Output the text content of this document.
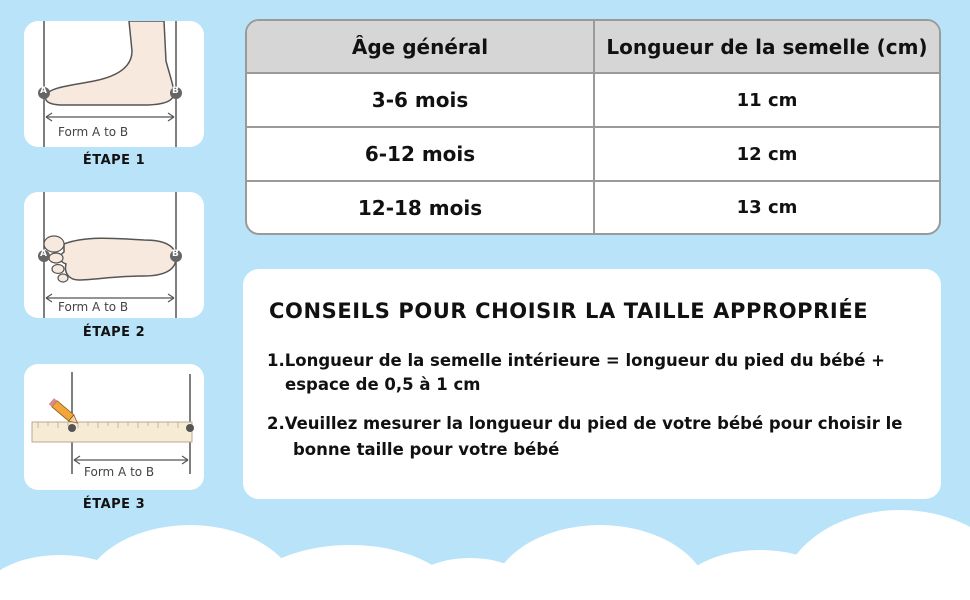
A	B
Form A to B
ÉTAPE 1
A	B
Form A to B
ÉTAPE 2
Form A to B
ÉTAPE 3
Âge général	Longueur de la semelle (cm)
3-6 mois	11 cm
6-12 mois	12 cm
12-18 mois	13 cm
CONSEILS POUR CHOISIR LA TAILLE APPROPRIÉE
1.Longueur de la semelle intérieure = longueur du pied du bébé +
espace de 0,5 à 1 cm
2.Veuillez mesurer la longueur du pied de votre bébé pour choisir le
bonne taille pour votre bébé
